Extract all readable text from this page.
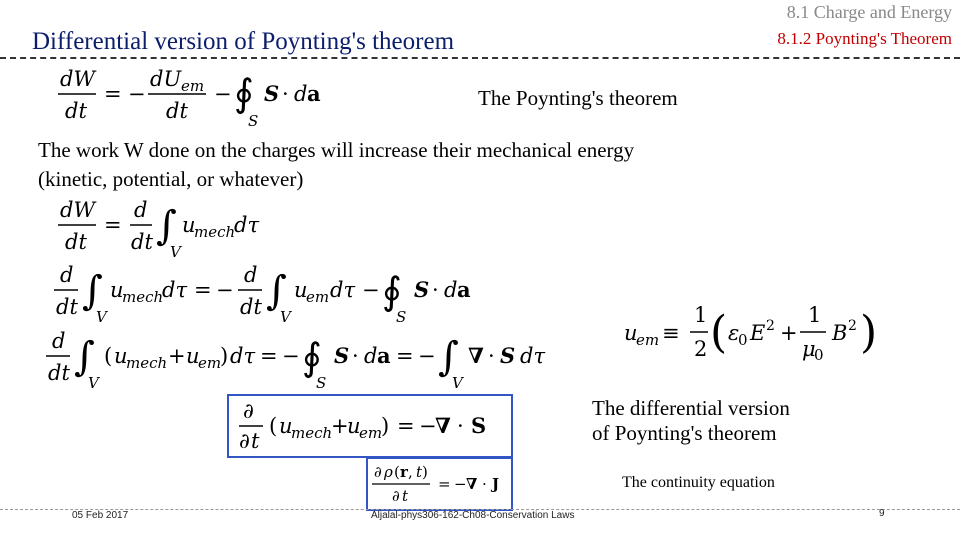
Differential version of Poynting's theorem
8.1 Charge and Energy
8.1.2 Poynting's Theorem
dW
dt
= −
dU em
dt
− ∮
S
S · d a	The Poynting's theorem
The work W done on the charges will increase their mechanical energy
(kinetic, potential, or whatever)
dW
dt
=
d
dt ∫
V
u
mech
dτ
d
dt ∫
V
u
mech
dτ = −
d
dt ∫
V
u
em dτ − ∮
S
S · d a
d
dt ∫
V
( u
mech + u
em
) dτ = − ∮
S
S · d a = − ∫
V
∇ · S dτ
u
em ≡
1
2 ( ε
0 E 2 +
1
μ
0
B 2 )
∂
∂ t
( u
mech
+
u
em
) = −
∇ · S
The differential version
of Poynting's theorem
∂ ρ ( r , t )
∂ t
= − ∇ · J	The continuity equation
05 Feb 2017	Aljalal-phys306-162-Ch08-Conservation Laws	9
